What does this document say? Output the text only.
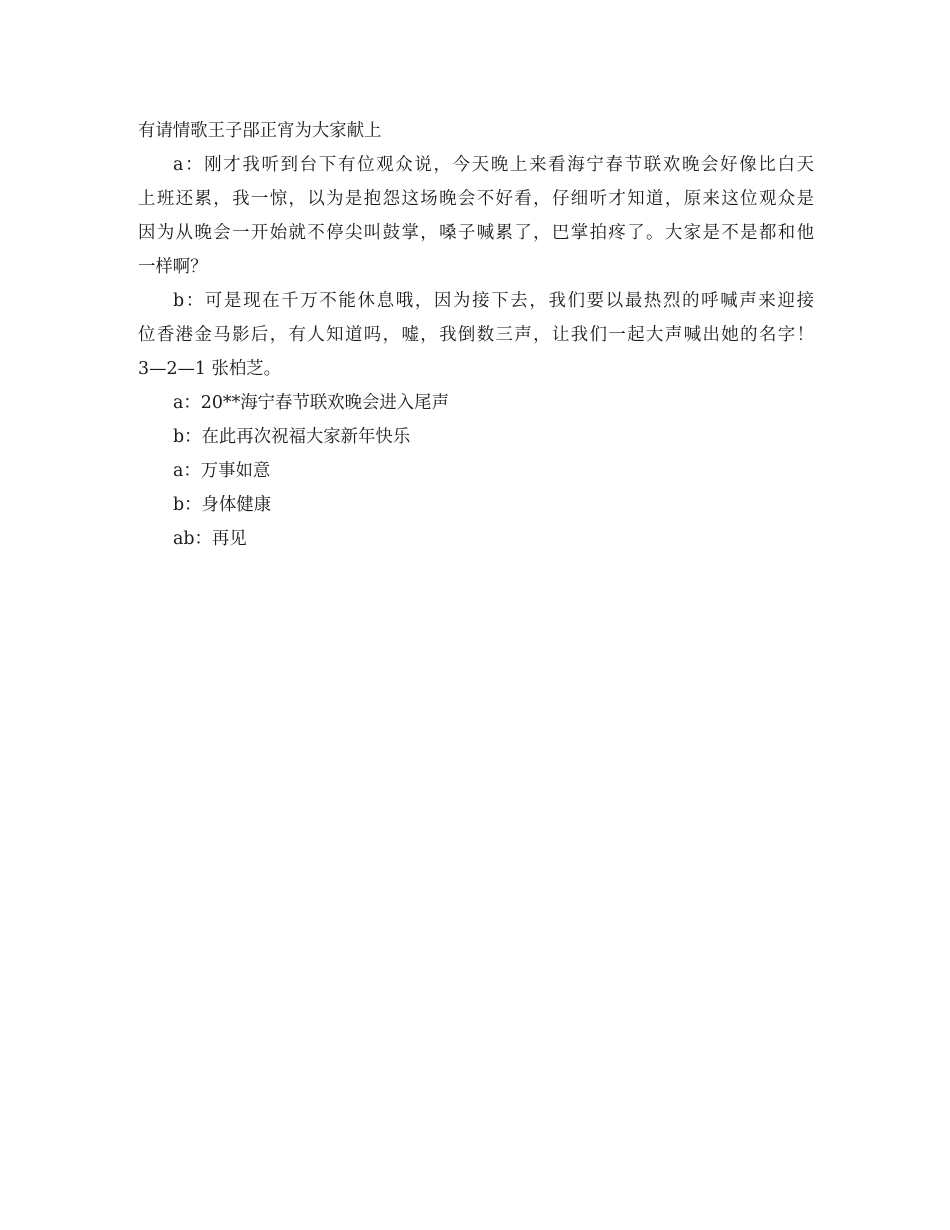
有请情歌王子郘正宵为大家献上

a：刚才我听到台下有位观众说，今天晚上来看海宁春节联欢晚会好像比白天
上班还累，我一惊，以为是抱怨这场晚会不好看，仔细听才知道，原来这位观众是
因为从晚会一开始就不停尖叫鼓掌，嗓子喊累了，巴掌拍疼了。大家是不是都和他
一样啊？

b：可是现在千万不能休息哦，因为接下去，我们要以最热烈的呼喊声来迎接
位香港金马影后，有人知道吗，嘘，我倒数三声，让我们一起大声喊出她的名字！
3—2—1 张柏芝。

a：20**海宁春节联欢晚会进入尾声

b：在此再次祝福大家新年快乐

a：万事如意

b：身体健康

ab：再见
